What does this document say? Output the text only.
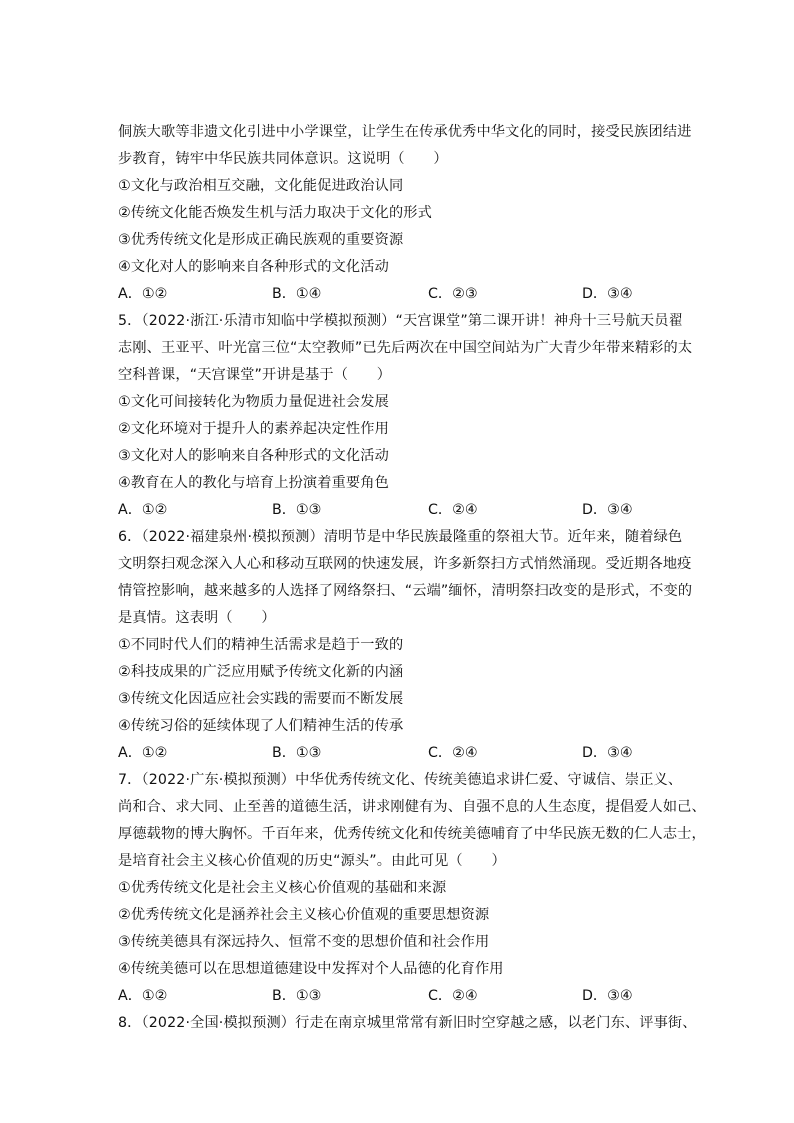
侗族大歌等非遗文化引进中小学课堂，让学生在传承优秀中华文化的同时，接受民族团结进
步教育，铸牢中华民族共同体意识。这说明（　　）
①文化与政治相互交融，文化能促进政治认同
②传统文化能否焕发生机与活力取决于文化的形式
③优秀传统文化是形成正确民族观的重要资源
④文化对人的影响来自各种形式的文化活动
A．①②	B．①④	C．②③	D．③④
5．（2022·浙江·乐清市知临中学模拟预测）“天宫课堂”第二课开讲！神舟十三号航天员翟
志刚、王亚平、叶光富三位“太空教师”已先后两次在中国空间站为广大青少年带来精彩的太
空科普课，“天宫课堂”开讲是基于（　　）
①文化可间接转化为物质力量促进社会发展
②文化环境对于提升人的素养起决定性作用
③文化对人的影响来自各种形式的文化活动
④教育在人的教化与培育上扮演着重要角色
A．①②	B．①③	C．②④	D．③④
6．（2022·福建泉州·模拟预测）清明节是中华民族最隆重的祭祖大节。近年来，随着绿色
文明祭扫观念深入人心和移动互联网的快速发展，许多新祭扫方式悄然涌现。受近期各地疫
情管控影响，越来越多的人选择了网络祭扫、“云端”缅怀，清明祭扫改变的是形式，不变的
是真情。这表明（　　）
①不同时代人们的精神生活需求是趋于一致的
②科技成果的广泛应用赋予传统文化新的内涵
③传统文化因适应社会实践的需要而不断发展
④传统习俗的延续体现了人们精神生活的传承
A．①②	B．①③	C．②④	D．③④
7．（2022·广东·模拟预测）中华优秀传统文化、传统美德追求讲仁爱、守诚信、崇正义、
尚和合、求大同、止至善的道德生活，讲求刚健有为、自强不息的人生态度，提倡爱人如己、
厚德载物的博大胸怀。千百年来，优秀传统文化和传统美德哺育了中华民族无数的仁人志士，
是培育社会主义核心价值观的历史“源头”。由此可见（　　）
①优秀传统文化是社会主义核心价值观的基础和来源
②优秀传统文化是涵养社会主义核心价值观的重要思想资源
③传统美德具有深远持久、恒常不变的思想价值和社会作用
④传统美德可以在思想道德建设中发挥对个人品德的化育作用
A．①②	B．①③	C．②④	D．③④
8．（2022·全国·模拟预测）行走在南京城里常常有新旧时空穿越之感，以老门东、评事街、
